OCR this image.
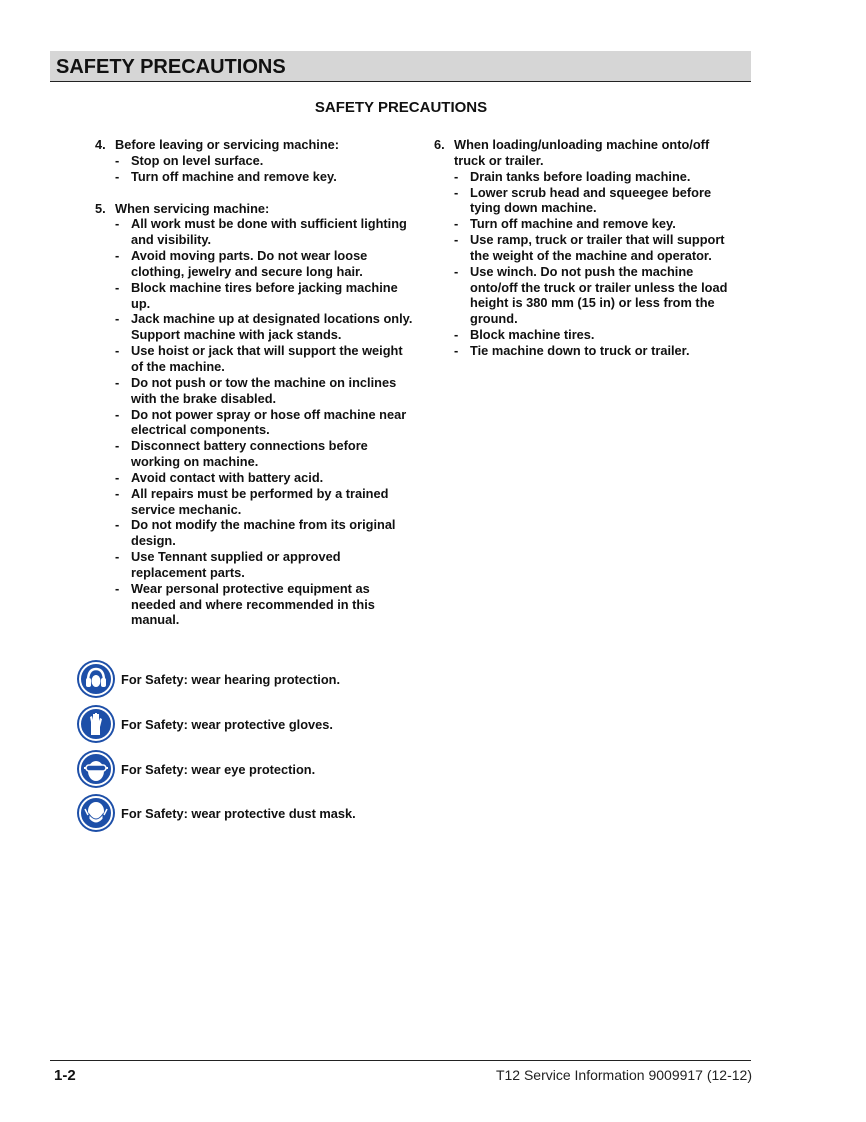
SAFETY PRECAUTIONS
SAFETY PRECAUTIONS
4. Before leaving or servicing machine:
- Stop on level surface.
- Turn off machine and remove key.
5. When servicing machine:
- All work must be done with sufficient lighting and visibility.
- Avoid moving parts. Do not wear loose clothing, jewelry and secure long hair.
- Block machine tires before jacking machine up.
- Jack machine up at designated locations only. Support machine with jack stands.
- Use hoist or jack that will support the weight of the machine.
- Do not push or tow the machine on inclines with the brake disabled.
- Do not power spray or hose off machine near electrical components.
- Disconnect battery connections before working on machine.
- Avoid contact with battery acid.
- All repairs must be performed by a trained service mechanic.
- Do not modify the machine from its original design.
- Use Tennant supplied or approved replacement parts.
- Wear personal protective equipment as needed and where recommended in this manual.
6. When loading/unloading machine onto/off truck or trailer.
- Drain tanks before loading machine.
- Lower scrub head and squeegee before tying down machine.
- Turn off machine and remove key.
- Use ramp, truck or trailer that will support the weight of the machine and operator.
- Use winch. Do not push the machine onto/off the truck or trailer unless the load height is 380 mm (15 in) or less from the ground.
- Block machine tires.
- Tie machine down to truck or trailer.
For Safety: wear hearing protection.
For Safety: wear protective gloves.
For Safety: wear eye protection.
For Safety: wear protective dust mask.
1-2	T12 Service Information 9009917 (12-12)
